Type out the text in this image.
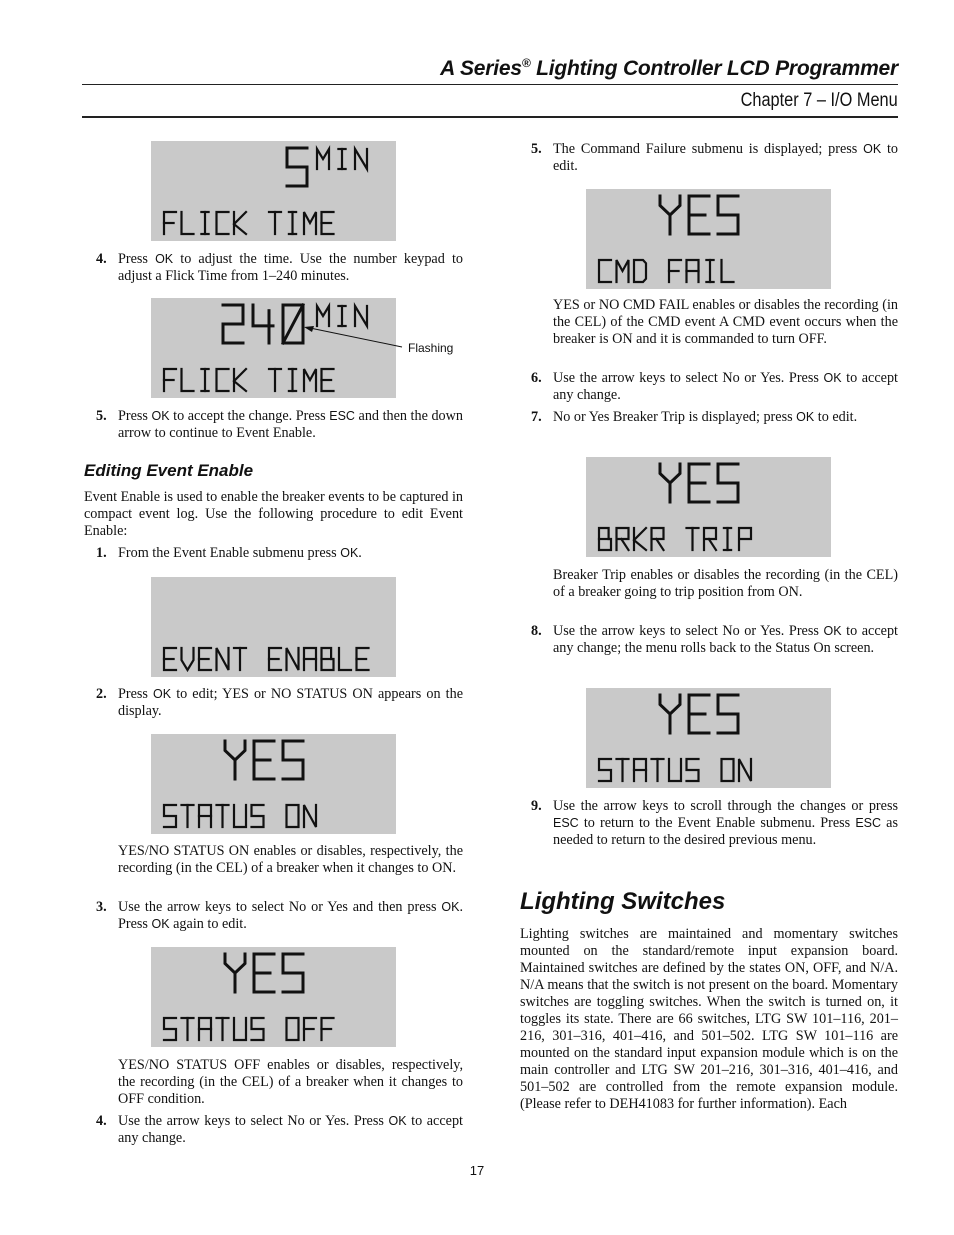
A Series® Lighting Controller LCD Programmer
Chapter 7 – I/O Menu
4. Press OK to adjust the time. Use the number keypad to adjust a Flick Time from 1–240 minutes.
Flashing
5. Press OK to accept the change. Press ESC and then the down arrow to continue to Event Enable.
Editing Event Enable
Event Enable is used to enable the breaker events to be captured in compact event log. Use the following procedure to edit Event Enable:
1. From the Event Enable submenu press OK.
2. Press OK to edit; YES or NO STATUS ON appears on the display.
YES/NO STATUS ON enables or disables, respectively, the recording (in the CEL) of a breaker when it changes to ON.
3. Use the arrow keys to select No or Yes and then press OK. Press OK again to edit.
YES/NO STATUS OFF enables or disables, respectively, the recording (in the CEL) of a breaker when it changes to OFF condition.
4. Use the arrow keys to select No or Yes. Press OK to accept any change.
5. The Command Failure submenu is displayed; press OK to edit.
YES or NO CMD FAIL enables or disables the recording (in the CEL) of the CMD event A CMD event occurs when the breaker is ON and it is commanded to turn OFF.
6. Use the arrow keys to select No or Yes. Press OK to accept any change.
7. No or Yes Breaker Trip is displayed; press OK to edit.
Breaker Trip enables or disables the recording (in the CEL) of a breaker going to trip position from ON.
8. Use the arrow keys to select No or Yes. Press OK to accept any change; the menu rolls back to the Status On screen.
9. Use the arrow keys to scroll through the changes or press ESC to return to the Event Enable submenu. Press ESC as needed to return to the desired previous menu.
Lighting Switches
Lighting switches are maintained and momentary switches mounted on the standard/remote input expansion board. Maintained switches are defined by the states ON, OFF, and N/A. N/A means that the switch is not present on the board. Momentary switches are toggling switches. When the switch is turned on, it toggles its state. There are 66 switches, LTG SW 101–116, 201–216, 301–316, 401–416, and 501–502. LTG SW 101–116 are mounted on the standard input expansion module which is on the main controller and LTG SW 201–216, 301–316, 401–416, and 501–502 are controlled from the remote expansion module. (Please refer to DEH41083 for further information). Each
17
